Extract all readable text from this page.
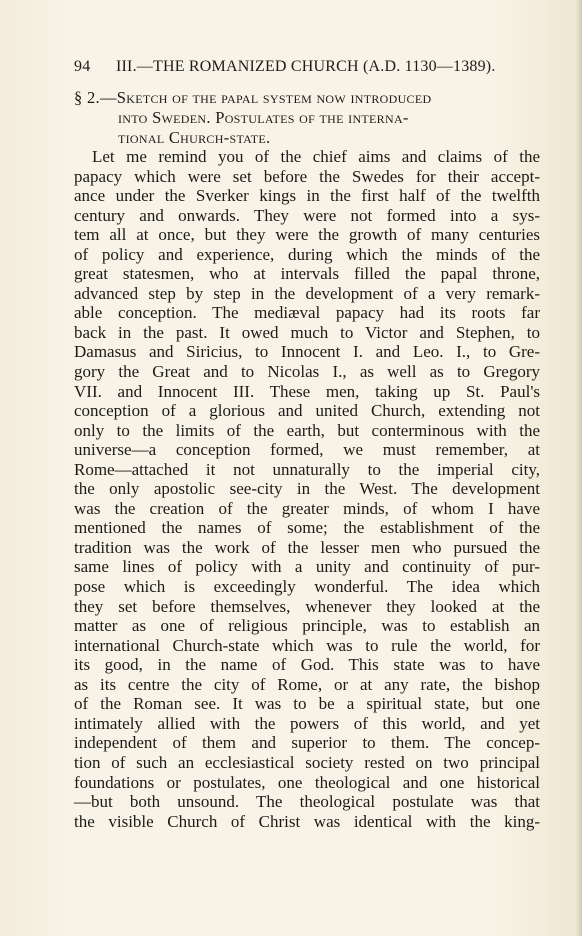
94 III.—THE ROMANIZED CHURCH (A.D. 1130—1389).
§ 2.—Sketch of the papal system now introduced
into Sweden. Postulates of the interna-
tional Church-state.
Let me remind you of the chief aims and claims of the
papacy which were set before the Swedes for their accept-
ance under the Sverker kings in the first half of the twelfth
century and onwards. They were not formed into a sys-
tem all at once, but they were the growth of many centuries
of policy and experience, during which the minds of the
great statesmen, who at intervals filled the papal throne,
advanced step by step in the development of a very remark-
able conception. The mediæval papacy had its roots far
back in the past. It owed much to Victor and Stephen, to
Damasus and Siricius, to Innocent I. and Leo. I., to Gre-
gory the Great and to Nicolas I., as well as to Gregory
VII. and Innocent III. These men, taking up St. Paul's
conception of a glorious and united Church, extending not
only to the limits of the earth, but conterminous with the
universe—a conception formed, we must remember, at
Rome—attached it not unnaturally to the imperial city,
the only apostolic see-city in the West. The development
was the creation of the greater minds, of whom I have
mentioned the names of some; the establishment of the
tradition was the work of the lesser men who pursued the
same lines of policy with a unity and continuity of pur-
pose which is exceedingly wonderful. The idea which
they set before themselves, whenever they looked at the
matter as one of religious principle, was to establish an
international Church-state which was to rule the world, for
its good, in the name of God. This state was to have
as its centre the city of Rome, or at any rate, the bishop
of the Roman see. It was to be a spiritual state, but one
intimately allied with the powers of this world, and yet
independent of them and superior to them. The concep-
tion of such an ecclesiastical society rested on two principal
foundations or postulates, one theological and one historical
—but both unsound. The theological postulate was that
the visible Church of Christ was identical with the king-
